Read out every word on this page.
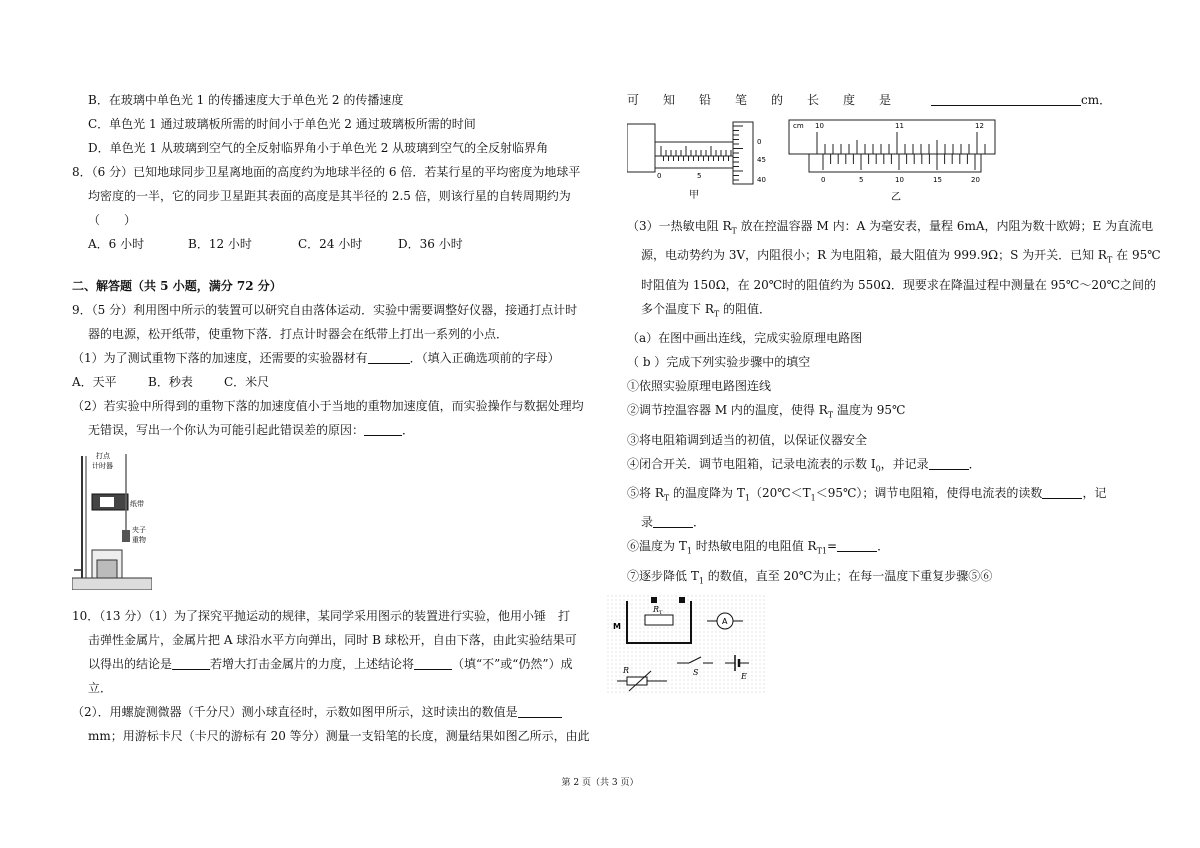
B．在玻璃中单色光 1 的传播速度大于单色光 2 的传播速度
C．单色光 1 通过玻璃板所需的时间小于单色光 2 通过玻璃板所需的时间
D．单色光 1 从玻璃到空气的全反射临界角小于单色光 2 从玻璃到空气的全反射临界角
8．（6 分）已知地球同步卫星离地面的高度约为地球半径的 6 倍．若某行星的平均密度为地球平
均密度的一半，它的同步卫星距其表面的高度是其半径的 2.5 倍，则该行星的自转周期约为
（　　）
A．6 小时	B．12 小时	C．24 小时	D．36 小时
二、解答题（共 5 小题，满分 72 分）
9．（5 分）利用图中所示的装置可以研究自由落体运动．实验中需要调整好仪器，接通打点计时
器的电源，松开纸带，使重物下落．打点计时器会在纸带上打出一系列的小点．
（1）为了测试重物下落的加速度，还需要的实验器材有	．（填入正确选项前的字母）
A．天平	B．秒表	C．米尺
（2）若实验中所得到的重物下落的加速度值小于当地的重物加速度值，而实验操作与数据处理均
无错误，写出一个你认为可能引起此错误差的原因：	．
打点
计时器
纸带
夹子
重物
10．（13 分）（1）为了探究平抛运动的规律，某同学采用图示的装置进行实验，他用小锤　打
击弹性金属片，金属片把 A 球沿水平方向弹出，同时 B 球松开，自由下落，由此实验结果可
以得出的结论是	若增大打击金属片的力度，上述结论将	（填“不”或“仍然”）成
立．
（2）．用螺旋测微器（千分尺）测小球直径时，示数如图甲所示，这时读出的数值是
mm；用游标卡尺（卡尺的游标有 20 等分）测量一支铅笔的长度，测量结果如图乙所示，由此
可　　知　　铅　　笔　　的　　长　　度　　是	cm．
0	5
0
45
40
甲
cm 10	11	12
0	5	10	15	20
乙
（3）一热敏电阻 $R_T$ 放在控温容器 M 内：A 为毫安表，量程 6mA，内阻为数十欧姆；E 为直流电
源，电动势约为 3V，内阻很小；R 为电阻箱，最大阻值为 999.9Ω；S 为开关．已知 $R_T$ 在 95℃
时阻值为 150Ω，在 20℃时的阻值约为 550Ω．现要求在降温过程中测量在 95℃～20℃之间的
多个温度下 $R_T$ 的阻值．
（a）在图中画出连线，完成实验原理电路图
（ b ）完成下列实验步骤中的填空
①依照实验原理电路图连线
②调节控温容器 M 内的温度，使得 $R_T$ 温度为 95℃
③将电阻箱调到适当的初值，以保证仪器安全
④闭合开关．调节电阻箱，记录电流表的示数 $I_0$，并记录	．
⑤将 $R_T$ 的温度降为 $T_1(20℃<T_1<95℃)$；调节电阻箱，使得电流表的读数	，记
录	．
⑥温度为 $T_1$ 时热敏电阻的电阻值 $R_{T1}=$	．
⑦逐步降低 $T_1$ 的数值，直至 20℃为止；在每一温度下重复步骤⑤⑥
M
R T
A
S
R
E
第 2 页（共 3 页）
